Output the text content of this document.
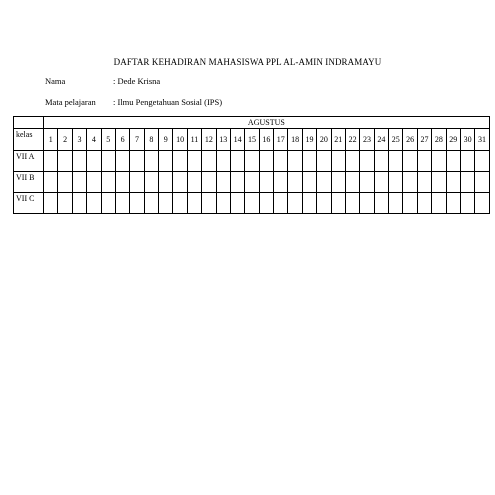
DAFTAR KEHADIRAN MAHASISWA PPL AL-AMIN INDRAMAYU
Nama	: Dede Krisna
Mata pelajaran : Ilmu Pengetahuan Sosial (IPS)
	AGUSTUS																														
kelas	1	2	3	4	5	6	7	8	9	10	11	12	13	14	15	16	17	18	19	20	21	22	23	24	25	26	27	28	29	30	31
VII A																															
VII B																															
VII C																															
